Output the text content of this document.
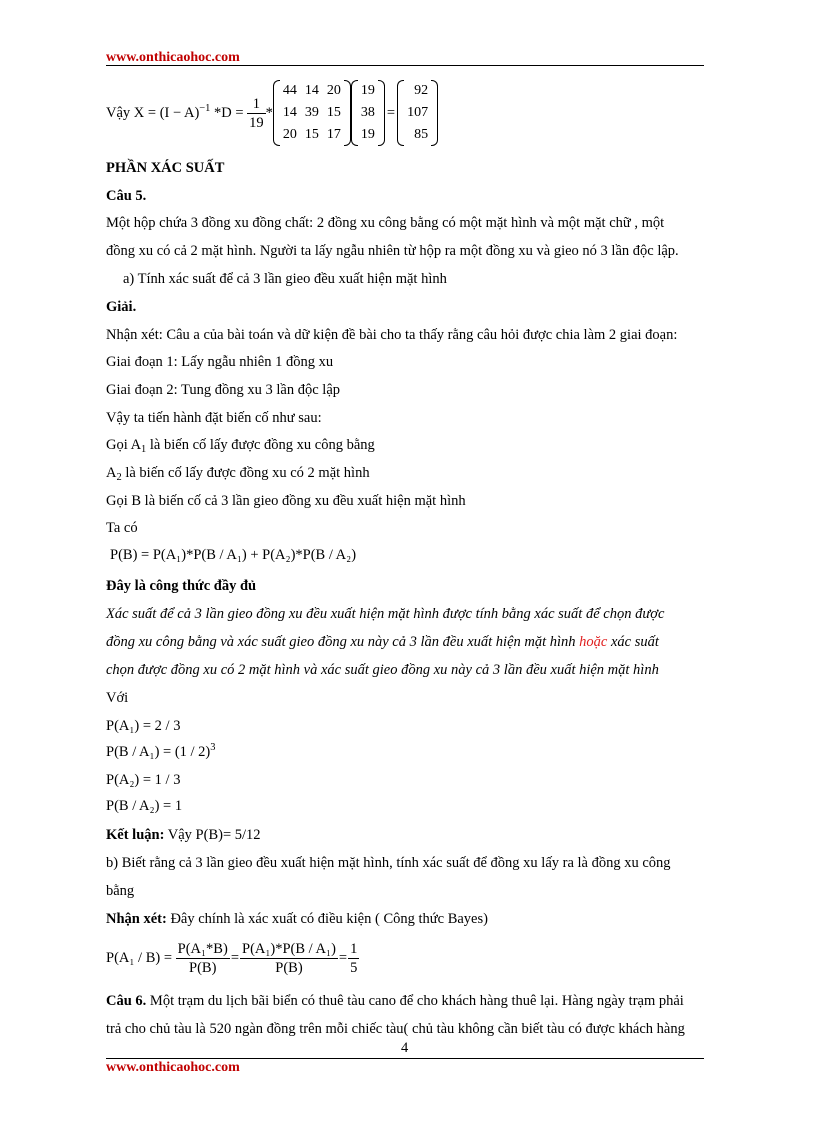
www.onthicaohoc.com
Vậy
$X = (I - A)^{-1}$
*D =
$\frac{1}{19}$ *
44	14	20
14	39	15
20	15	17
19
38
19
=
92
107
85
PHẦN XÁC SUẤT
Câu 5.
Một hộp chứa 3 đồng xu đồng chất: 2 đồng xu công bằng có một mặt hình và một mặt chữ , một
đồng xu có cả 2 mặt hình. Người ta lấy ngẫu nhiên từ hộp ra một đồng xu và gieo nó 3 lần độc lập.
a) Tính xác suất để cả 3 lần gieo đều xuất hiện mặt hình
Giải.
Nhận xét: Câu a của bài toán và dữ kiện đề bài cho ta thấy rằng câu hỏi được chia làm 2 giai đoạn:
Giai đoạn 1: Lấy ngẫu nhiên 1 đồng xu
Giai đoạn 2: Tung đồng xu 3 lần độc lập
Vậy ta tiến hành đặt biến cố như sau:
Gọi $A_1$ là biến cố lấy được đồng xu công bằng
$A_2$ là biến cố lấy được đồng xu có 2 mặt hình
Gọi B là biến cố cả 3 lần gieo đồng xu đều xuất hiện mặt hình
Ta có
P(B) = P(A₁)*P(B / A₁) + P(A₂)*P(B / A₂)
Đây là công thức đầy đủ
Xác suất để cả 3 lần gieo đồng xu đều xuất hiện mặt hình được tính bằng xác suất để chọn được
đồng xu công bằng và xác suất gieo đồng xu này cả 3 lần đều xuất hiện mặt hình hoặc xác suất
chọn được đồng xu có 2 mặt hình và xác suất gieo đồng xu này cả 3 lần đều xuất hiện mặt hình
Với
P(A₁) = 2 / 3
P(B / A₁) = (1 / 2)$^3$
P(A₂) = 1 / 3
P(B / A₂) = 1
Kết luận: Vậy P(B)= 5/12
b) Biết rằng cả 3 lần gieo đều xuất hiện mặt hình, tính xác suất để đồng xu lấy ra là đồng xu công
bằng
Nhận xét: Đây chính là xác xuất có điều kiện ( Công thức Bayes)
P(A₁ / B) =
$\frac{\text{P(A₁*B)}}{P(B)} = \frac{\text{P(A₁)*P(B / A₁)}}{P(B)} = \frac{1}{5}$
Câu 6. Một trạm du lịch bãi biển có thuê tàu cano để cho khách hàng thuê lại. Hàng ngày trạm phải
trả cho chủ tàu là 520 ngàn đồng trên mỗi chiếc tàu( chủ tàu không cần biết tàu có được khách hàng
4
www.onthicaohoc.com
